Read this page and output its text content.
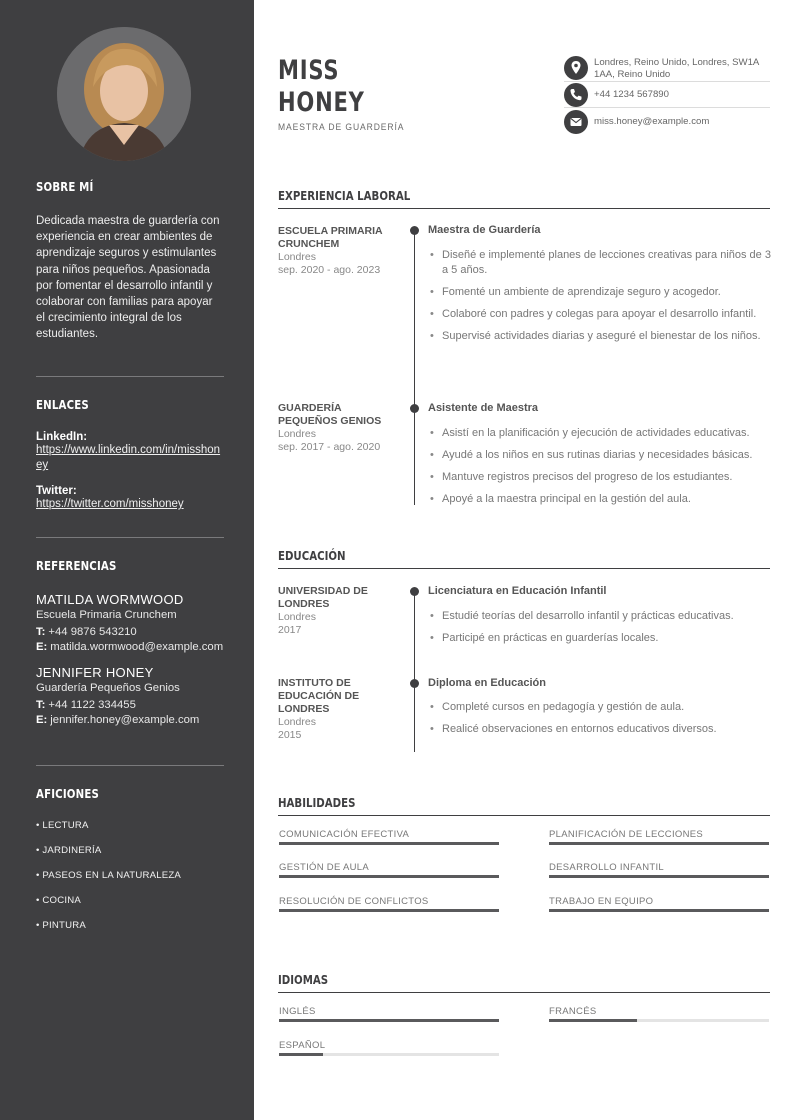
SOBRE MÍ
Dedicada maestra de guardería con experiencia en crear ambientes de aprendizaje seguros y estimulantes para niños pequeños. Apasionada por fomentar el desarrollo infantil y colaborar con familias para apoyar el crecimiento integral de los estudiantes.
ENLACES
LinkedIn:
https://www.linkedin.com/in/misshoney
Twitter:
https://twitter.com/misshoney
REFERENCIAS
MATILDA WORMWOOD
Escuela Primaria Crunchem
T: +44 9876 543210
E: matilda.wormwood@example.com
JENNIFER HONEY
Guardería Pequeños Genios
T: +44 1122 334455
E: jennifer.honey@example.com
AFICIONES
• LECTURA
• JARDINERÍA
• PASEOS EN LA NATURALEZA
• COCINA
• PINTURA
MISS
HONEY
MAESTRA DE GUARDERÍA
Londres, Reino Unido, Londres, SW1A 1AA, Reino Unido
+44 1234 567890
miss.honey@example.com
EXPERIENCIA LABORAL
ESCUELA PRIMARIA CRUNCHEM
Londres
sep. 2020 - ago. 2023
Maestra de Guardería
• Diseñé e implementé planes de lecciones creativas para niños de 3 a 5 años.
• Fomenté un ambiente de aprendizaje seguro y acogedor.
• Colaboré con padres y colegas para apoyar el desarrollo infantil.
• Supervisé actividades diarias y aseguré el bienestar de los niños.
GUARDERÍA PEQUEÑOS GENIOS
Londres
sep. 2017 - ago. 2020
Asistente de Maestra
• Asistí en la planificación y ejecución de actividades educativas.
• Ayudé a los niños en sus rutinas diarias y necesidades básicas.
• Mantuve registros precisos del progreso de los estudiantes.
• Apoyé a la maestra principal en la gestión del aula.
EDUCACIÓN
UNIVERSIDAD DE LONDRES
Londres
2017
Licenciatura en Educación Infantil
• Estudié teorías del desarrollo infantil y prácticas educativas.
• Participé en prácticas en guarderías locales.
INSTITUTO DE EDUCACIÓN DE LONDRES
Londres
2015
Diploma en Educación
• Completé cursos en pedagogía y gestión de aula.
• Realicé observaciones en entornos educativos diversos.
HABILIDADES
COMUNICACIÓN EFECTIVA	PLANIFICACIÓN DE LECCIONES
GESTIÓN DE AULA	DESARROLLO INFANTIL
RESOLUCIÓN DE CONFLICTOS	TRABAJO EN EQUIPO
IDIOMAS
INGLÉS	FRANCÉS
ESPAÑOL
